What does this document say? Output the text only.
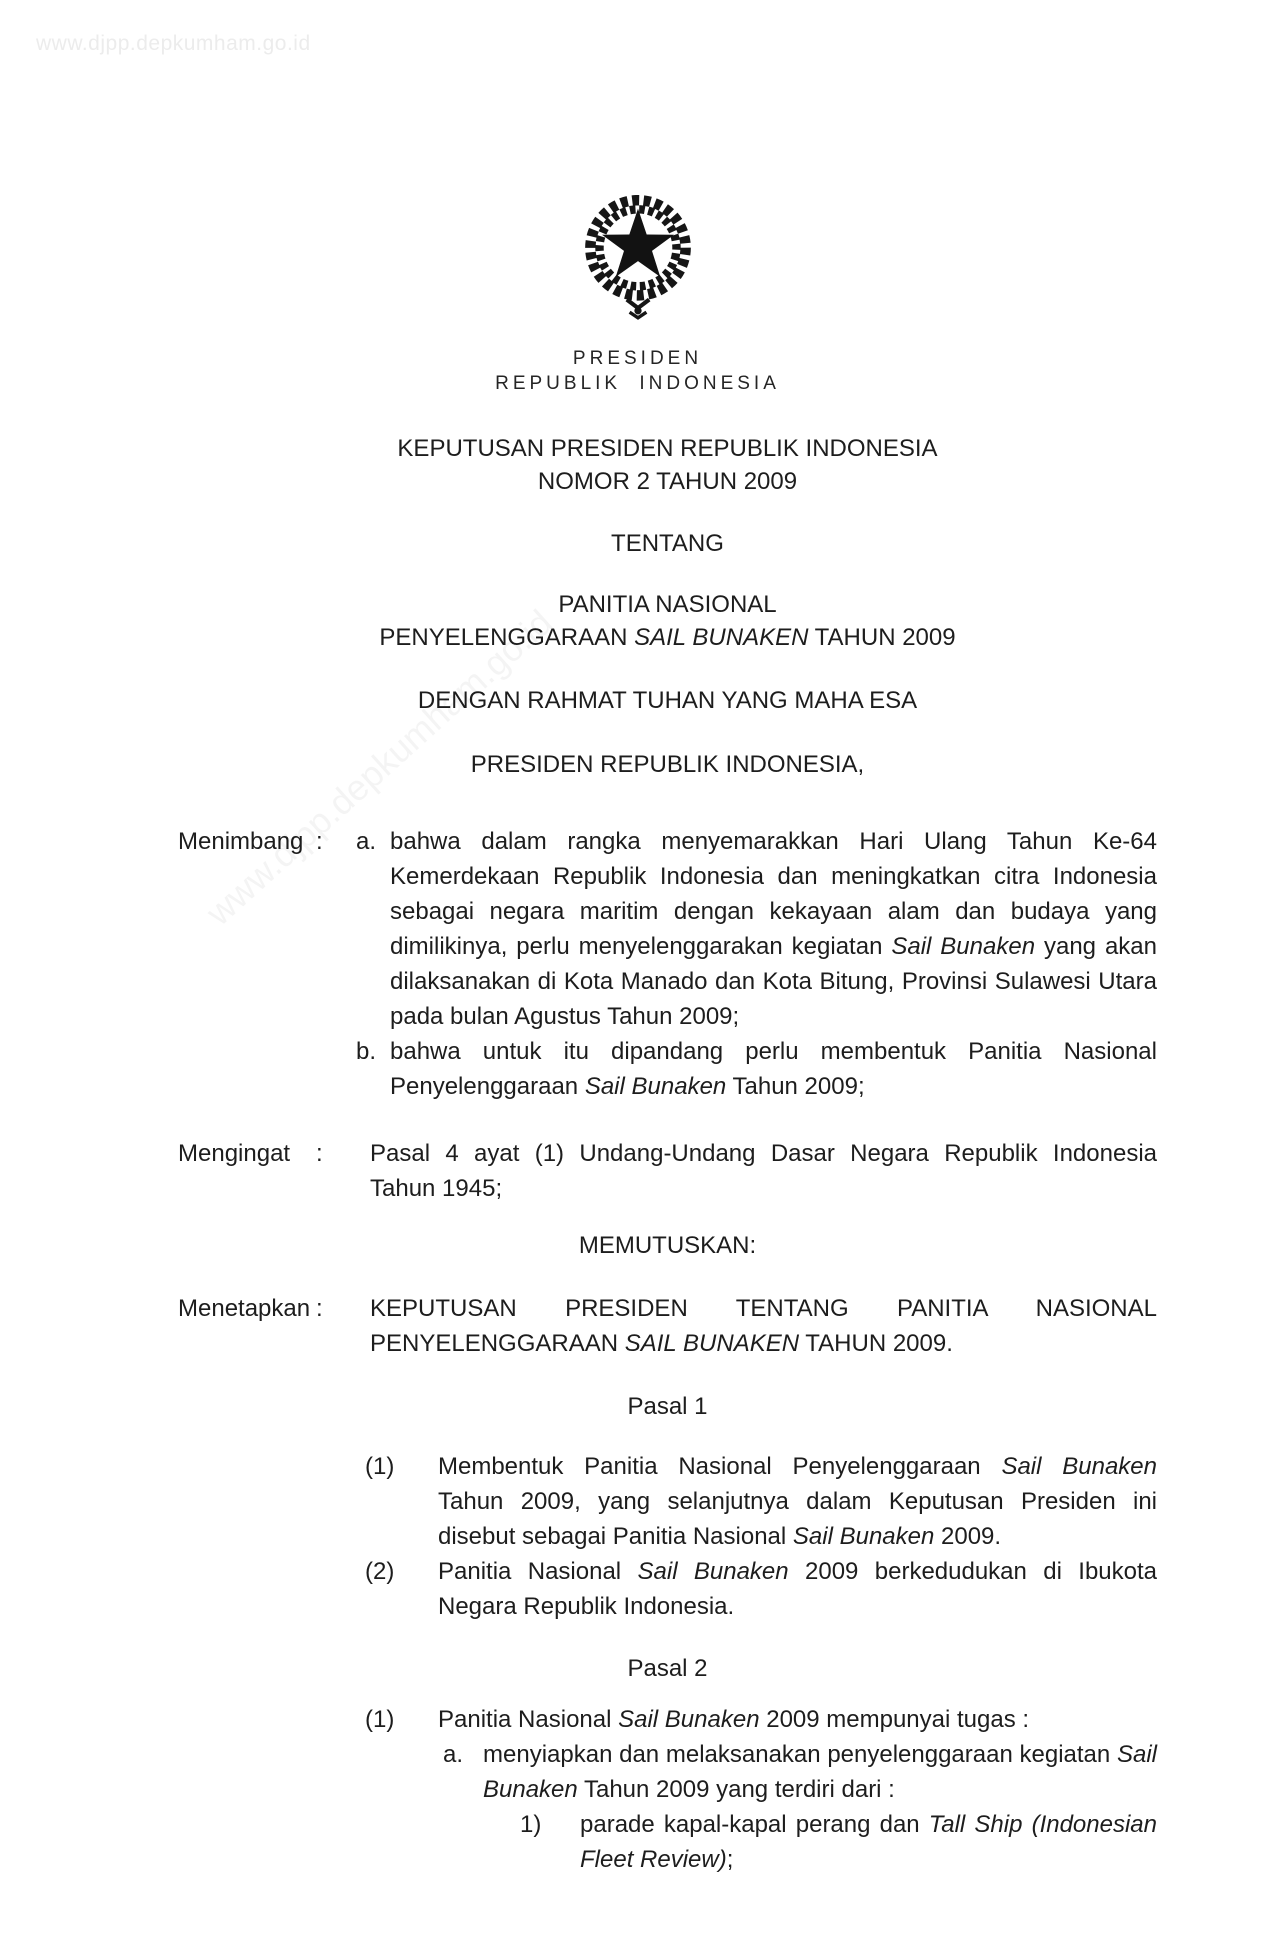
www.djpp.depkumham.go.id
PRESIDEN
REPUBLIK INDONESIA
KEPUTUSAN PRESIDEN REPUBLIK INDONESIA
NOMOR 2 TAHUN 2009
TENTANG
PANITIA NASIONAL
PENYELENGGARAAN SAIL BUNAKEN TAHUN 2009
DENGAN RAHMAT TUHAN YANG MAHA ESA
PRESIDEN REPUBLIK INDONESIA,
Menimbang :	a. bahwa dalam rangka menyemarakkan Hari Ulang Tahun Ke-64 Kemerdekaan Republik Indonesia dan meningkatkan citra Indonesia sebagai negara maritim dengan kekayaan alam dan budaya yang dimilikinya, perlu menyelenggarakan kegiatan Sail Bunaken yang akan dilaksanakan di Kota Manado dan Kota Bitung, Provinsi Sulawesi Utara pada bulan Agustus Tahun 2009;
b. bahwa untuk itu dipandang perlu membentuk Panitia Nasional Penyelenggaraan Sail Bunaken Tahun 2009;
Mengingat	:	Pasal 4 ayat (1) Undang-Undang Dasar Negara Republik Indonesia Tahun 1945;
MEMUTUSKAN:
Menetapkan :	KEPUTUSAN PRESIDEN TENTANG PANITIA NASIONAL PENYELENGGARAAN SAIL BUNAKEN TAHUN 2009.
Pasal 1
(1)	Membentuk Panitia Nasional Penyelenggaraan Sail Bunaken Tahun 2009, yang selanjutnya dalam Keputusan Presiden ini disebut sebagai Panitia Nasional Sail Bunaken 2009.
(2)	Panitia Nasional Sail Bunaken 2009 berkedudukan di Ibukota Negara Republik Indonesia.
Pasal 2
(1)	Panitia Nasional Sail Bunaken 2009 mempunyai tugas :
a. menyiapkan dan melaksanakan penyelenggaraan kegiatan Sail Bunaken Tahun 2009 yang terdiri dari :
1)	parade kapal-kapal perang dan Tall Ship (Indonesian Fleet Review);
